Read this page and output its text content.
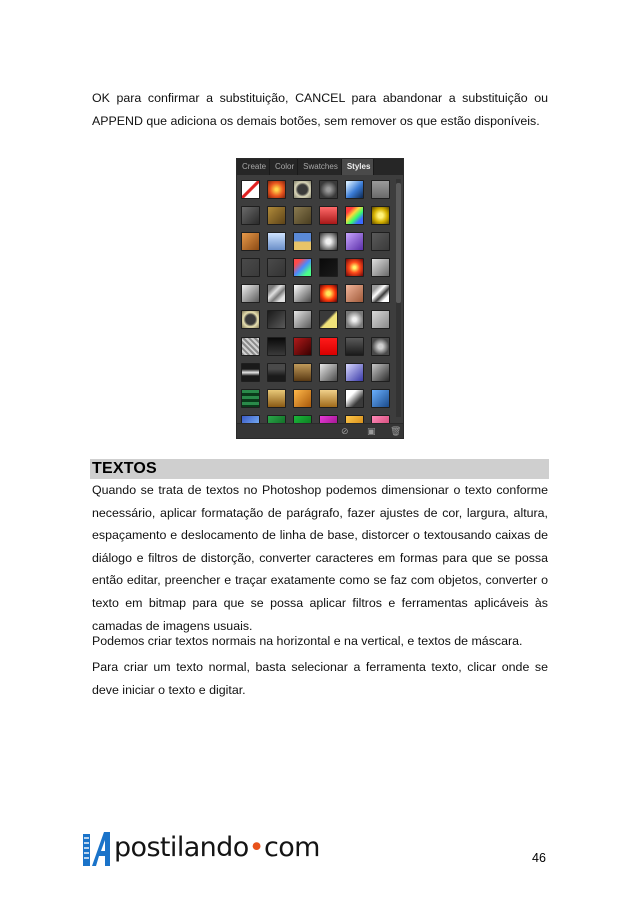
OK para confirmar a substituição, CANCEL para abandonar a substituição ou APPEND que adiciona os demais botões, sem remover os que estão disponíveis.

Create	Color	Swatches	Styles
⊘ ▣ 🗑
TEXTOS

Quando se trata de textos no Photoshop podemos dimensionar o texto conforme necessário, aplicar formatação de parágrafo, fazer ajustes de cor, largura, altura, espaçamento e deslocamento de linha de base, distorcer o textousando caixas de diálogo e filtros de distorção, converter caracteres em formas para que se possa então editar, preencher e traçar exatamente como se faz com objetos, converter o texto em bitmap para que se possa aplicar filtros e ferramentas aplicáveis às camadas de imagens usuais.

Podemos criar textos normais na horizontal e na vertical, e textos de máscara.

Para criar um texto normal, basta selecionar a ferramenta texto, clicar onde se deve iniciar o texto e digitar.

postilando•com	46
